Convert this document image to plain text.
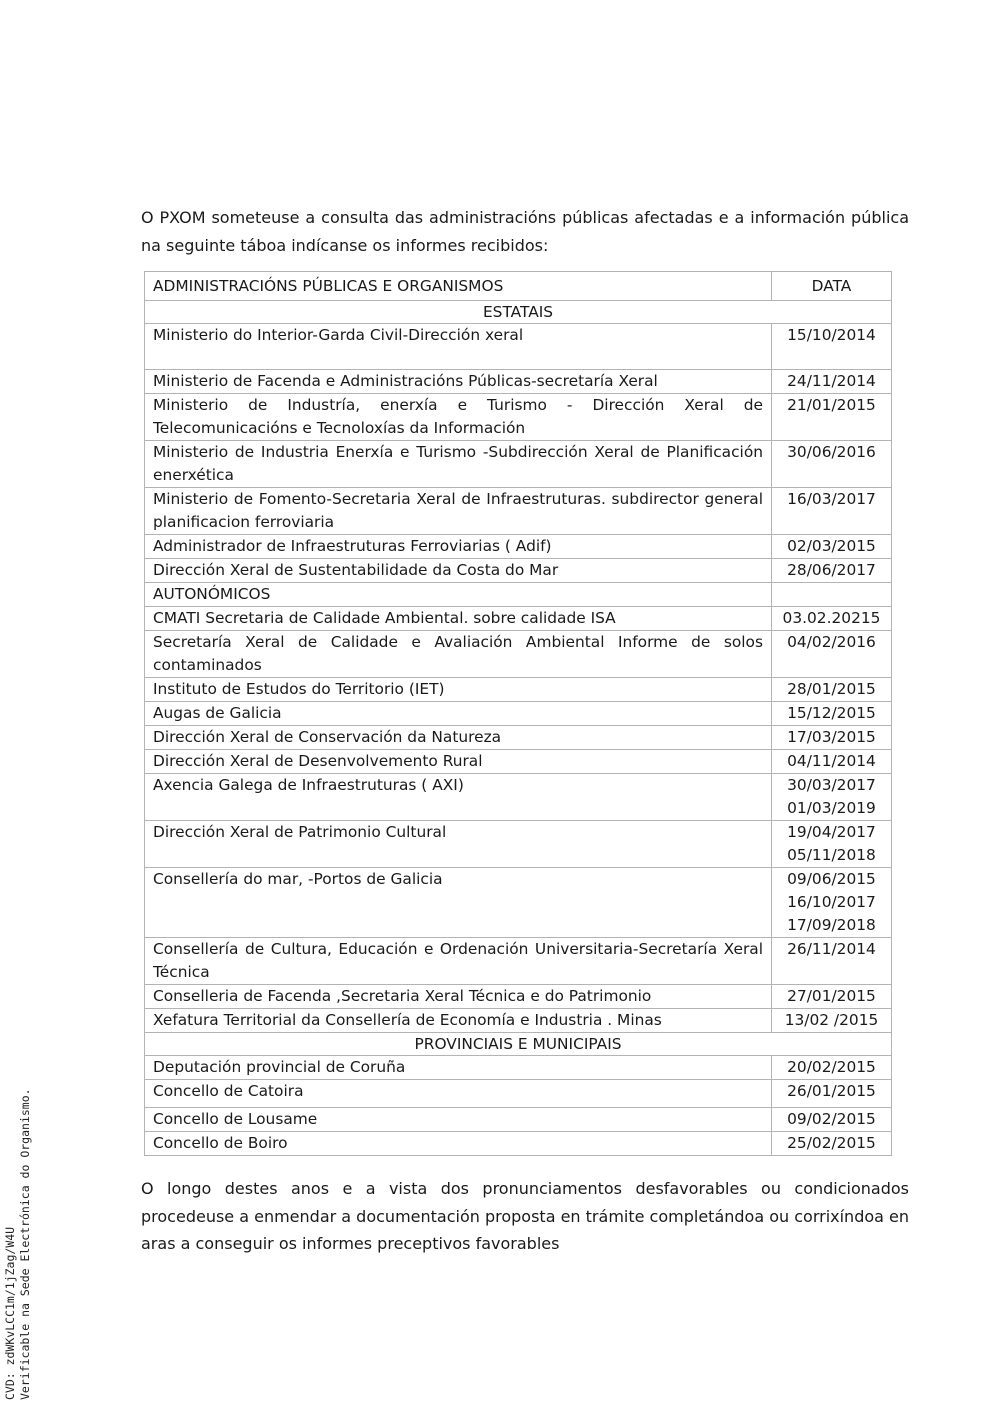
O PXOM someteuse a consulta das administracións públicas afectadas e a información pública na seguinte táboa indícanse os informes recibidos:

ADMINISTRACIÓNS PÚBLICAS E ORGANISMOS	DATA
ESTATAIS	
Ministerio do Interior-Garda Civil-Dirección xeral	15/10/2014

Ministerio de Facenda e Administracións Públicas-secretaría Xeral	24/11/2014

Ministerio de Industría, enerxía e Turismo - Dirección Xeral de Telecomunicacións e Tecnoloxías da Información	21/01/2015

Ministerio de Industria Enerxía e Turismo -Subdirección Xeral de Planificación enerxética	30/06/2016

Ministerio de Fomento-Secretaria Xeral de Infraestruturas. subdirector general planificacion ferroviaria	16/03/2017

Administrador de Infraestruturas Ferroviarias ( Adif)	02/03/2015

Dirección Xeral de Sustentabilidade da Costa do Mar	28/06/2017

AUTONÓMICOS	
CMATI Secretaria de Calidade Ambiental. sobre calidade ISA	03.02.20215

Secretaría Xeral de Calidade e Avaliación Ambiental Informe de solos contaminados	04/02/2016

Instituto de Estudos do Territorio (IET)	28/01/2015

Augas de Galicia	15/12/2015

Dirección Xeral de Conservación da Natureza	17/03/2015

Dirección Xeral de Desenvolvemento Rural	04/11/2014

Axencia Galega de Infraestruturas ( AXI)	30/03/2017
01/03/2019

Dirección Xeral de Patrimonio Cultural	19/04/2017
05/11/2018

Consellería do mar, -Portos de Galicia	09/06/2015
16/10/2017
17/09/2018

Consellería de Cultura, Educación e Ordenación Universitaria-Secretaría Xeral Técnica	26/11/2014

Conselleria de Facenda ,Secretaria Xeral Técnica e do Patrimonio	27/01/2015

Xefatura Territorial da Consellería de Economía e Industria . Minas	13/02 /2015

PROVINCIAIS E MUNICIPAIS	
Deputación provincial de Coruña	20/02/2015

Concello de Catoira	26/01/2015

Concello de Lousame	09/02/2015

Concello de Boiro	25/02/2015

O longo destes anos e a vista dos pronunciamentos desfavorables ou condicionados procedeuse a enmendar a documentación proposta en trámite completándoa ou corrixíndoa en aras a conseguir os informes preceptivos favorables

CVD: zdWKvLCC1m/1jZag/W4U Verificable na Sede Electrónica do Organismo.
